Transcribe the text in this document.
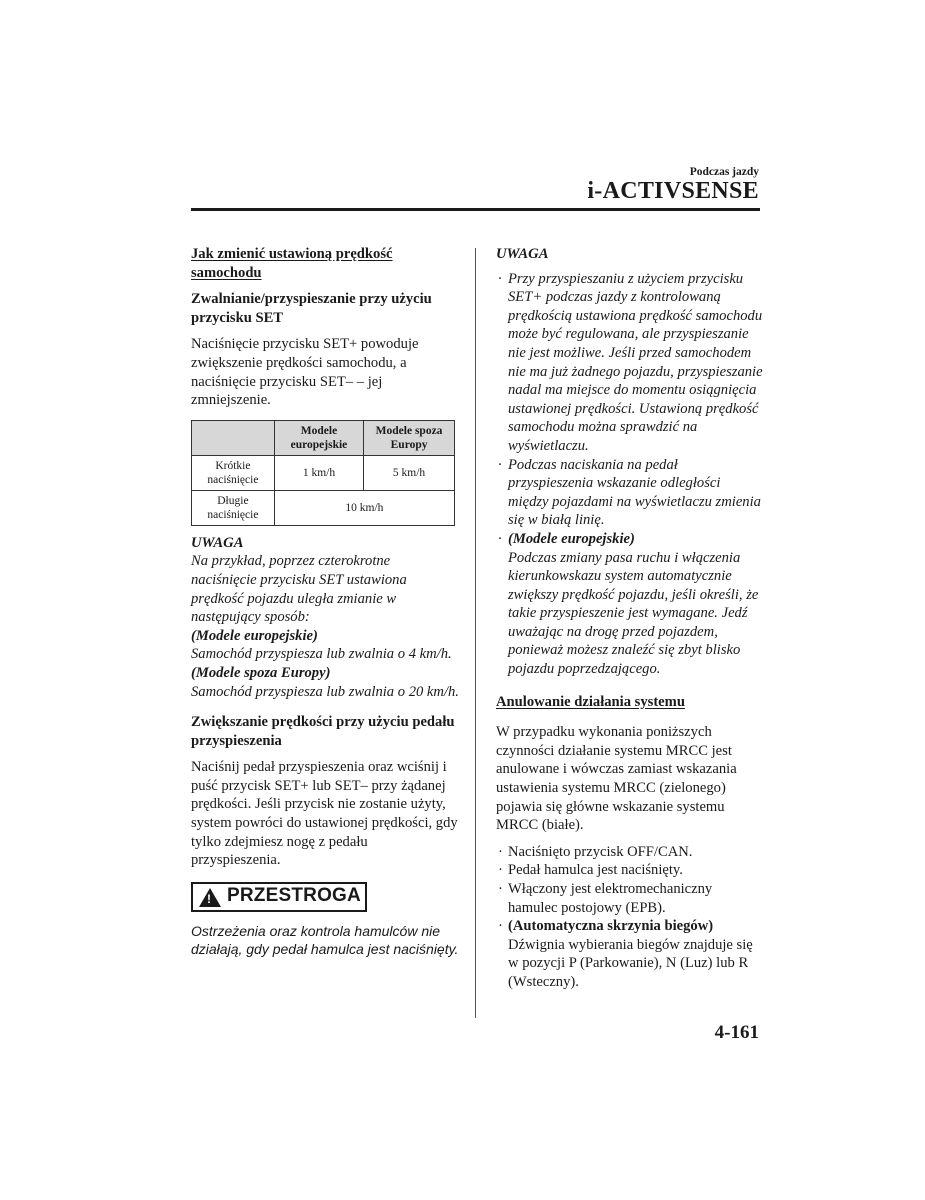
Podczas jazdy
i-ACTIVSENSE
Jak zmienić ustawioną prędkość samochodu
Zwalnianie/przyspieszanie przy użyciu przycisku SET
Naciśnięcie przycisku SET+ powoduje zwiększenie prędkości samochodu, a naciśnięcie przycisku SET– – jej zmniejszenie.
	Modele europejskie	Modele spoza Europy
Krótkie naciśnięcie	1 km/h	5 km/h
Długie naciśnięcie	10 km/h	
UWAGA
Na przykład, poprzez czterokrotne naciśnięcie przycisku SET ustawiona prędkość pojazdu uległa zmianie w następujący sposób:
(Modele europejskie)
Samochód przyspiesza lub zwalnia o 4 km/h.
(Modele spoza Europy)
Samochód przyspiesza lub zwalnia o 20 km/h.
Zwiększanie prędkości przy użyciu pedału przyspieszenia
Naciśnij pedał przyspieszenia oraz wciśnij i puść przycisk SET+ lub SET– przy żądanej prędkości. Jeśli przycisk nie zostanie użyty, system powróci do ustawionej prędkości, gdy tylko zdejmiesz nogę z pedału przyspieszenia.
! PRZESTROGA
Ostrzeżenia oraz kontrola hamulców nie działają, gdy pedał hamulca jest naciśnięty.
UWAGA
· Przy przyspieszaniu z użyciem przycisku SET+ podczas jazdy z kontrolowaną prędkością ustawiona prędkość samochodu może być regulowana, ale przyspieszanie nie jest możliwe. Jeśli przed samochodem nie ma już żadnego pojazdu, przyspieszanie nadal ma miejsce do momentu osiągnięcia ustawionej prędkości. Ustawioną prędkość samochodu można sprawdzić na wyświetlaczu.
· Podczas naciskania na pedał przyspieszenia wskazanie odległości między pojazdami na wyświetlaczu zmienia się w białą linię.
· (Modele europejskie)
Podczas zmiany pasa ruchu i włączenia kierunkowskazu system automatycznie zwiększy prędkość pojazdu, jeśli określi, że takie przyspieszenie jest wymagane. Jedź uważając na drogę przed pojazdem, ponieważ możesz znaleźć się zbyt blisko pojazdu poprzedzającego.
Anulowanie działania systemu
W przypadku wykonania poniższych czynności działanie systemu MRCC jest anulowane i wówczas zamiast wskazania ustawienia systemu MRCC (zielonego) pojawia się główne wskazanie systemu MRCC (białe).
· Naciśnięto przycisk OFF/CAN.
· Pedał hamulca jest naciśnięty.
· Włączony jest elektromechaniczny hamulec postojowy (EPB).
· (Automatyczna skrzynia biegów)
Dźwignia wybierania biegów znajduje się w pozycji P (Parkowanie), N (Luz) lub R (Wsteczny).
4-161
